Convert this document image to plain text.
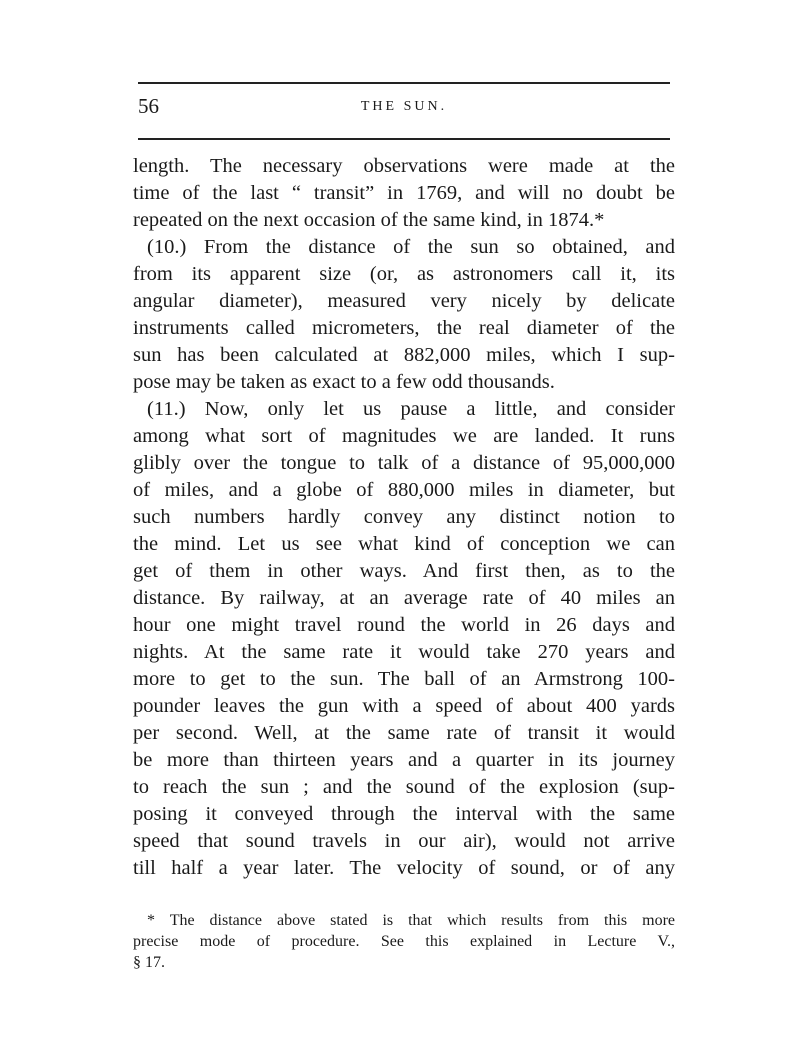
56	THE SUN.
length. The necessary observations were made at the
time of the last “ transit” in 1769, and will no doubt be
repeated on the next occasion of the same kind, in 1874.*
(10.) From the distance of the sun so obtained, and
from its apparent size (or, as astronomers call it, its
angular diameter), measured very nicely by delicate
instruments called micrometers, the real diameter of the
sun has been calculated at 882,000 miles, which I sup-
pose may be taken as exact to a few odd thousands.
(11.) Now, only let us pause a little, and consider
among what sort of magnitudes we are landed. It runs
glibly over the tongue to talk of a distance of 95,000,000
of miles, and a globe of 880,000 miles in diameter, but
such numbers hardly convey any distinct notion to
the mind. Let us see what kind of conception we can
get of them in other ways. And first then, as to the
distance. By railway, at an average rate of 40 miles an
hour one might travel round the world in 26 days and
nights. At the same rate it would take 270 years and
more to get to the sun. The ball of an Armstrong 100-
pounder leaves the gun with a speed of about 400 yards
per second. Well, at the same rate of transit it would
be more than thirteen years and a quarter in its journey
to reach the sun ; and the sound of the explosion (sup-
posing it conveyed through the interval with the same
speed that sound travels in our air), would not arrive
till half a year later. The velocity of sound, or of any
* The distance above stated is that which results from this more
precise mode of procedure. See this explained in Lecture V.,
§ 17.
